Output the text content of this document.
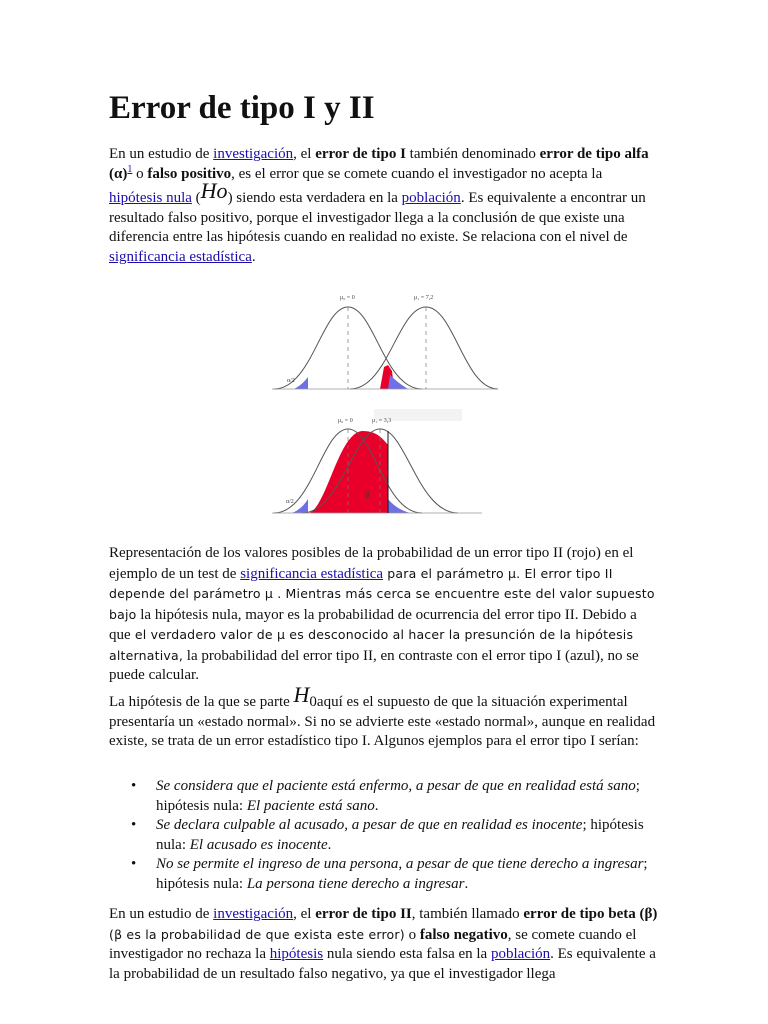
Error de tipo I y II

En un estudio de investigación, el error de tipo I también denominado error de tipo alfa $(\alpha)^1$ o falso positivo, es el error que se comete cuando el investigador no acepta la hipótesis nula (Ho) siendo esta verdadera en la población. Es equivalente a encontrar un resultado falso positivo, porque el investigador llega a la conclusión de que existe una diferencia entre las hipótesis cuando en realidad no existe. Se relaciona con el nivel de significancia estadística.

μ₀ = 0	μ₁ = 7,2
α/2
μ₀ = 0	μ₁ = 3,3
α/2
β

Representación de los valores posibles de la probabilidad de un error tipo II (rojo) en el ejemplo de un test de significancia estadística para el parámetro μ. El error tipo II depende del parámetro μ . Mientras más cerca se encuentre este del valor supuesto bajo la hipótesis nula, mayor es la probabilidad de ocurrencia del error tipo II. Debido a que el verdadero valor de μ es desconocido al hacer la presunción de la hipótesis alternativa, la probabilidad del error tipo II, en contraste con el error tipo I (azul), no se puede calcular.

La hipótesis de la que se parte H0aquí es el supuesto de que la situación experimental presentaría un «estado normal». Si no se advierte este «estado normal», aunque en realidad existe, se trata de un error estadístico tipo I. Algunos ejemplos para el error tipo I serían:

• Se considera que el paciente está enfermo, a pesar de que en realidad está sano; hipótesis nula: El paciente está sano.
• Se declara culpable al acusado, a pesar de que en realidad es inocente; hipótesis nula: El acusado es inocente.
• No se permite el ingreso de una persona, a pesar de que tiene derecho a ingresar; hipótesis nula: La persona tiene derecho a ingresar.

En un estudio de investigación, el error de tipo II, también llamado error de tipo beta (β) (β es la probabilidad de que exista este error) o falso negativo, se comete cuando el investigador no rechaza la hipótesis nula siendo esta falsa en la población. Es equivalente a la probabilidad de un resultado falso negativo, ya que el investigador llega
